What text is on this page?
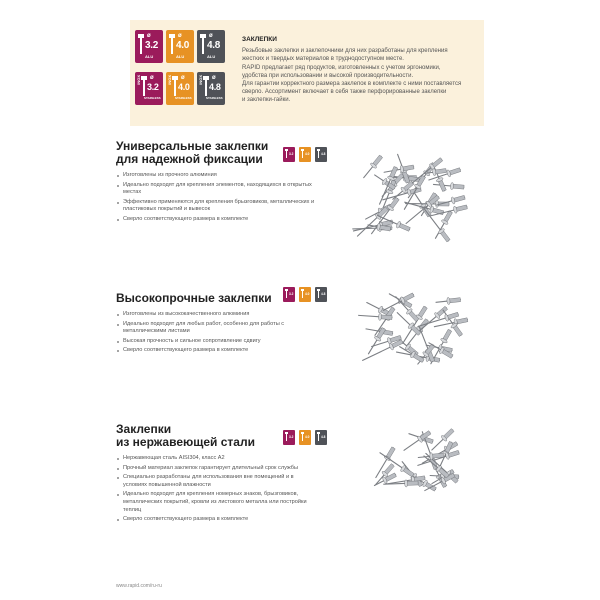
ø
3.2
ALU
ø
4.0
ALU
ø
4.8
ALU
INOX ø
3.2
STAINLESS
INOX ø
4.0
STAINLESS
INOX ø
4.8
STAINLESS
ЗАКЛЕПКИ
Резьбовые заклепки и заклепочники для них разработаны для крепления
жестких и твердых материалов в труднодоступном месте.
RAPID предлагает ряд продуктов, изготовленных с учетом эргономики,
удобства при использовании и высокой производительности.
Для гарантии корректного размера заклепок в комплекте с ними поставляется
сверло. Ассортимент включает в себя также перфорированные заклепки
и заклепки-гайки.
Универсальные заклепки
для надежной фиксации
Изготовлены из прочного алюминия
Идеально подходят для крепления элементов, находящихся в открытых местах
Эффективно применяются для крепления брызговиков, металлических и пластиковых покрытий и вывесок
Сверло соответствующего размера в комплекте
Высокопрочные заклепки
Изготовлены из высококачественного алюминия
Идеально подходят для любых работ, особенно для работы с металлическими листами
Высокая прочность и сильное сопротивление сдвигу
Сверло соответствующего размера в комплекте
Заклепки
из нержавеющей стали
Нержавеющая сталь AISI304, класс A2
Прочный материал заклепок гарантирует длительный срок службы
Специально разработаны для использования вне помещений и в условиях повышенной влажности
Идеально подходят для крепления номерных знаков, брызговиков, металлических покрытий, кровли из листового металла или постройки теплиц
Сверло соответствующего размера в комплекте
3.2	4.0	4.8
3.2	4.0	4.8
3.2	4.0	4.8
www.rapid.com/ru-ru
